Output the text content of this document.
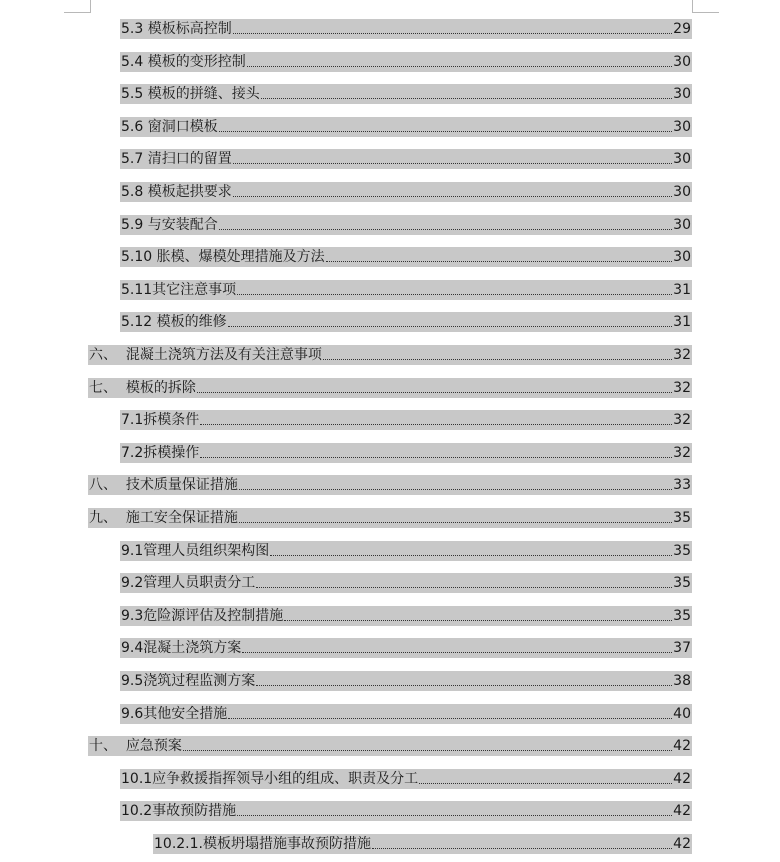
5.3 模板标高控制	29
5.4 模板的变形控制	30
5.5 模板的拼缝、接头	30
5.6 窗洞口模板	30
5.7 清扫口的留置	30
5.8 模板起拱要求	30
5.9 与安装配合	30
5.10 胀模、爆模处理措施及方法	30
5.11其它注意事项	31
5.12 模板的维修	31
六、  混凝土浇筑方法及有关注意事项	32
七、  模板的拆除	32
7.1拆模条件	32
7.2拆模操作	32
八、  技术质量保证措施	33
九、  施工安全保证措施	35
9.1管理人员组织架构图	35
9.2管理人员职责分工	35
9.3危险源评估及控制措施	35
9.4混凝土浇筑方案	37
9.5浇筑过程监测方案	38
9.6其他安全措施	40
十、  应急预案	42
10.1应争救援指挥领导小组的组成、职责及分工	42
10.2事故预防措施	42
10.2.1.模板坍塌措施事故预防措施	42
